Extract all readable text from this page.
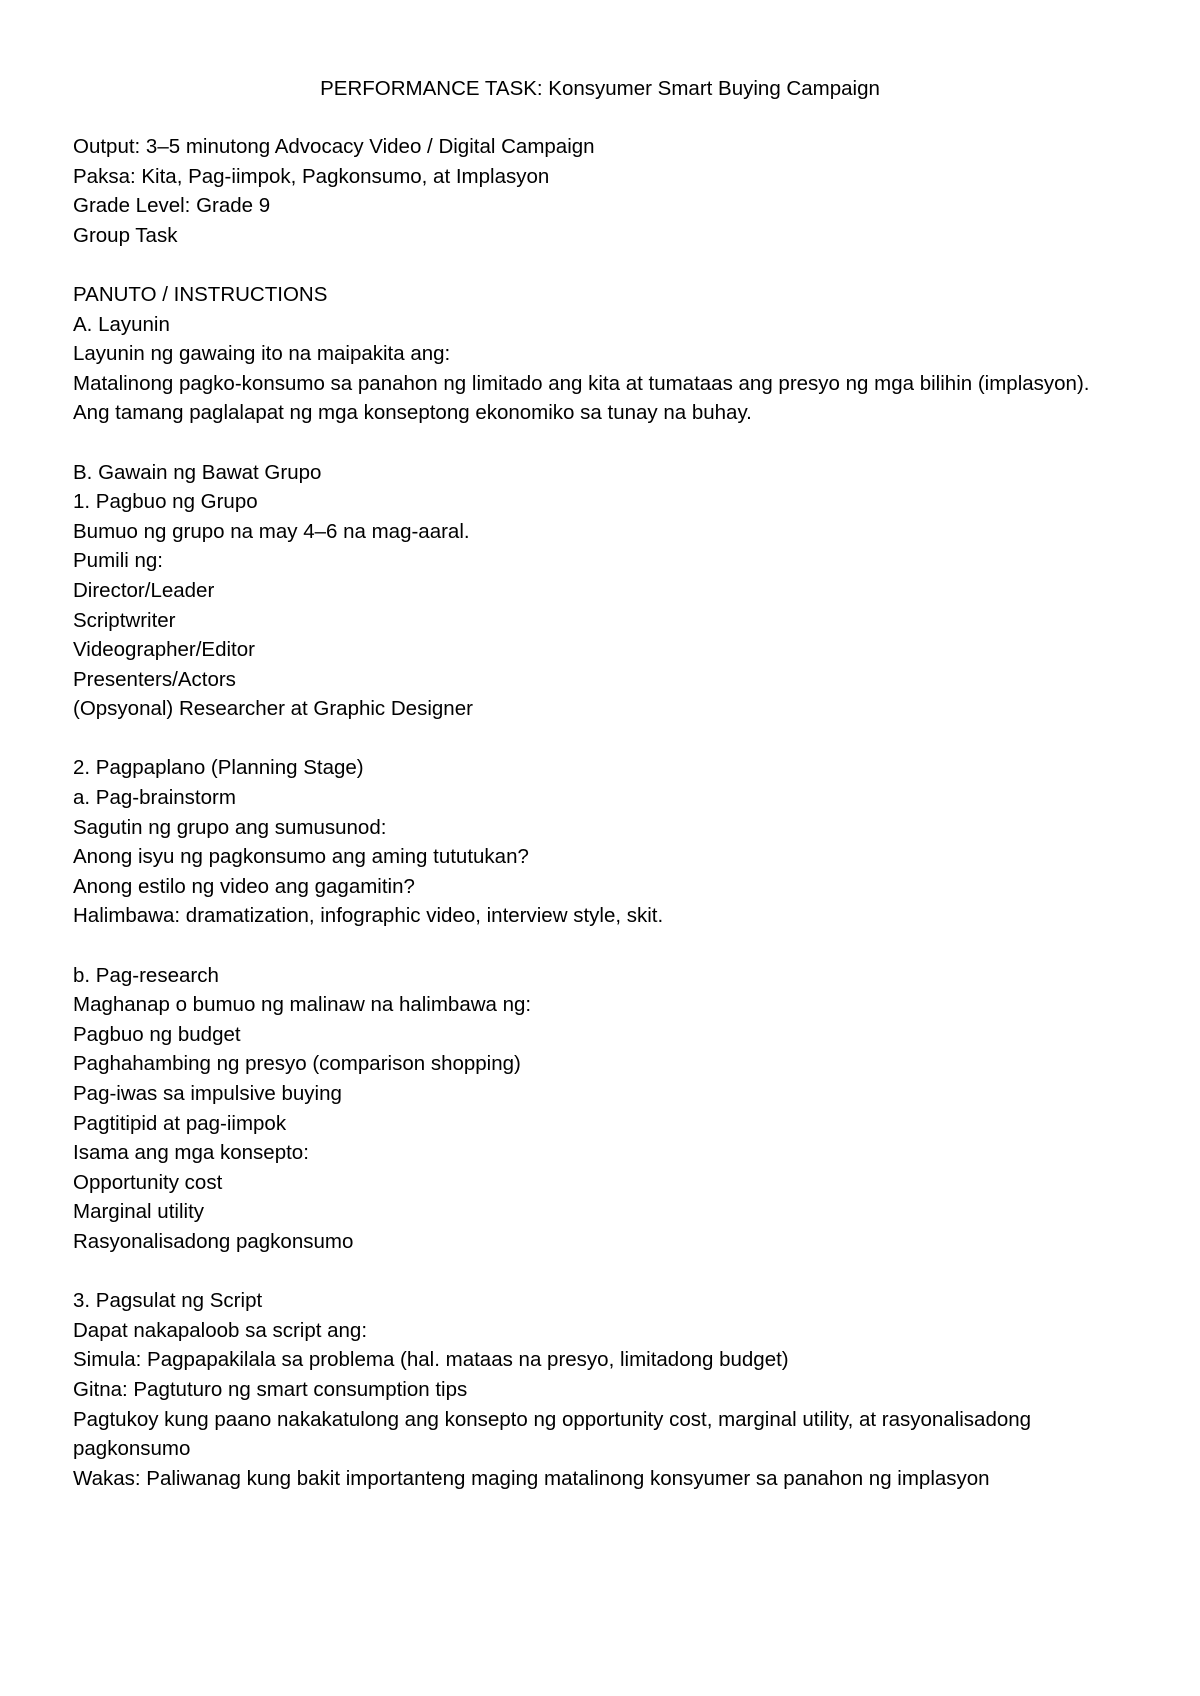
PERFORMANCE TASK: Konsyumer Smart Buying Campaign
Output: 3–5 minutong Advocacy Video / Digital Campaign
Paksa: Kita, Pag-iimpok, Pagkonsumo, at Implasyon
Grade Level: Grade 9
Group Task
PANUTO / INSTRUCTIONS
A. Layunin
Layunin ng gawaing ito na maipakita ang:
Matalinong pagko-konsumo sa panahon ng limitado ang kita at tumataas ang presyo ng mga bilihin (implasyon).
Ang tamang paglalapat ng mga konseptong ekonomiko sa tunay na buhay.
B. Gawain ng Bawat Grupo
1. Pagbuo ng Grupo
Bumuo ng grupo na may 4–6 na mag-aaral.
Pumili ng:
Director/Leader
Scriptwriter
Videographer/Editor
Presenters/Actors
(Opsyonal) Researcher at Graphic Designer
2. Pagpaplano (Planning Stage)
a. Pag-brainstorm
Sagutin ng grupo ang sumusunod:
Anong isyu ng pagkonsumo ang aming tututukan?
Anong estilo ng video ang gagamitin?
Halimbawa: dramatization, infographic video, interview style, skit.
b. Pag-research
Maghanap o bumuo ng malinaw na halimbawa ng:
Pagbuo ng budget
Paghahambing ng presyo (comparison shopping)
Pag-iwas sa impulsive buying
Pagtitipid at pag-iimpok
Isama ang mga konsepto:
Opportunity cost
Marginal utility
Rasyonalisadong pagkonsumo
3. Pagsulat ng Script
Dapat nakapaloob sa script ang:
Simula: Pagpapakilala sa problema (hal. mataas na presyo, limitadong budget)
Gitna: Pagtuturo ng smart consumption tips
Pagtukoy kung paano nakakatulong ang konsepto ng opportunity cost, marginal utility, at rasyonalisadong pagkonsumo
Wakas: Paliwanag kung bakit importanteng maging matalinong konsyumer sa panahon ng implasyon
